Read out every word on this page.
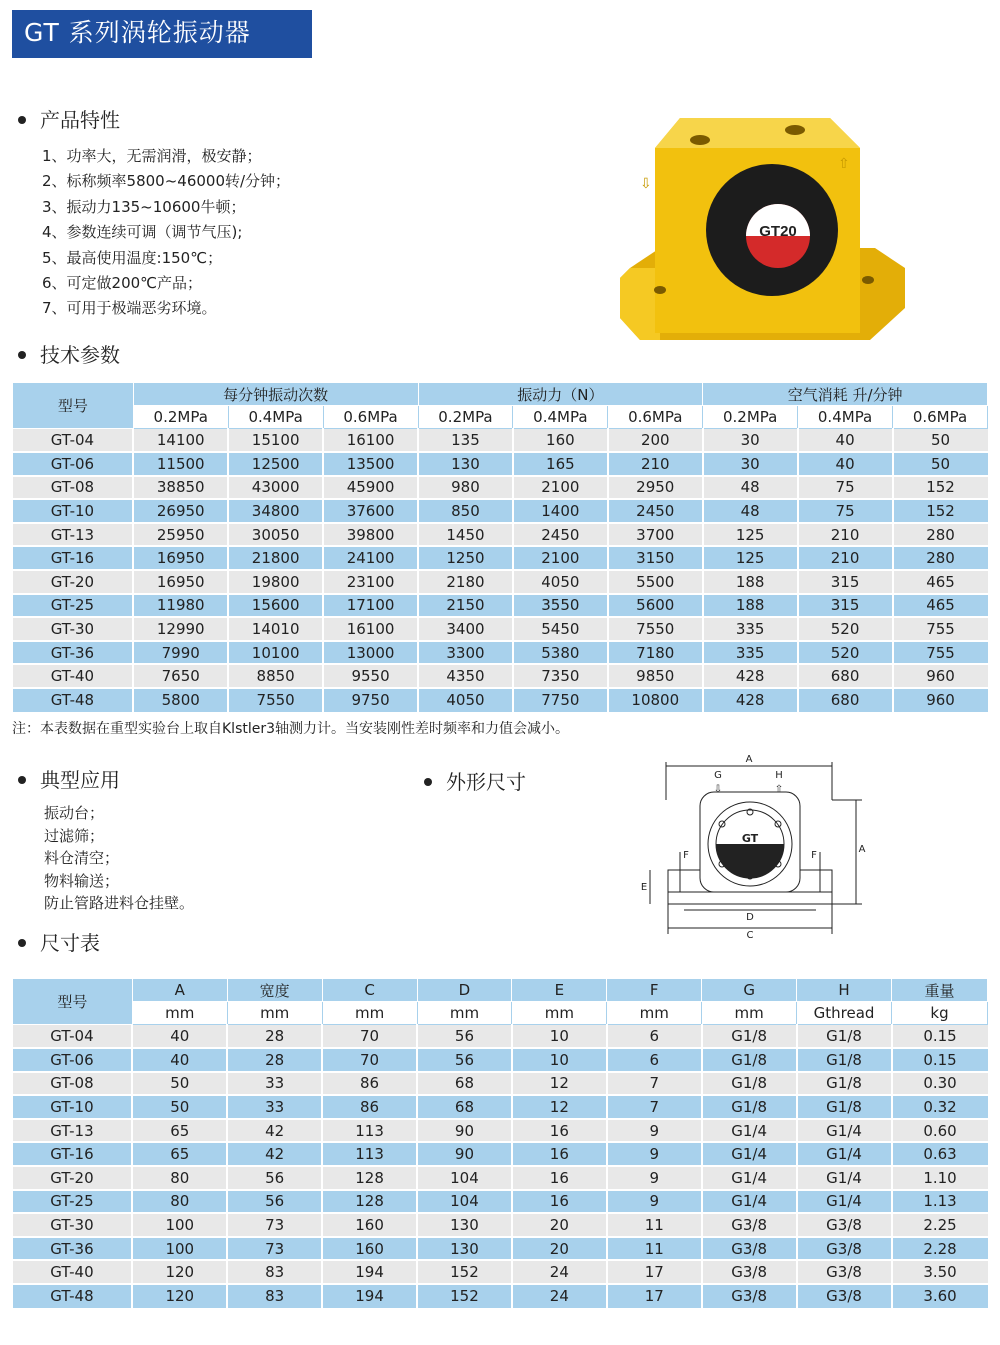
GT 系列涡轮振动器
产品特性
1、功率大，无需润滑，极安静；
2、标称频率5800~46000转/分钟；
3、振动力135~10600牛顿；
4、参数连续可调（调节气压);
5、最高使用温度:150℃；
6、可定做200℃产品；
7、可用于极端恶劣环境。
GT20
⇩
⇧
技术参数
型号	每分钟振动次数			振动力（N）			空气消耗 升/分钟		
	0.2MPa	0.4MPa	0.6MPa	0.2MPa	0.4MPa	0.6MPa	0.2MPa	0.4MPa	0.6MPa
GT-04	14100	15100	16100	135	160	200	30	40	50
GT-06	11500	12500	13500	130	165	210	30	40	50
GT-08	38850	43000	45900	980	2100	2950	48	75	152
GT-10	26950	34800	37600	850	1400	2450	48	75	152
GT-13	25950	30050	39800	1450	2450	3700	125	210	280
GT-16	16950	21800	24100	1250	2100	3150	125	210	280
GT-20	16950	19800	23100	2180	4050	5500	188	315	465
GT-25	11980	15600	17100	2150	3550	5600	188	315	465
GT-30	12990	14010	16100	3400	5450	7550	335	520	755
GT-36	7990	10100	13000	3300	5380	7180	335	520	755
GT-40	7650	8850	9550	4350	7350	9850	428	680	960
GT-48	5800	7550	9750	4050	7750	10800	428	680	960
注：本表数据在重型实验台上取自Klstler3轴测力计。当安装刚性差时频率和力值会减小。
典型应用
振动台；
过滤筛；
料仓清空；
物料输送；
防止管路进料仓挂壁。
外形尺寸
A
G	H
A
D
C
E
F	F
GT
⇩	⇧
尺寸表
型号	A	宽度	C	D	E	F	G	H	重量
	mm	mm	mm	mm	mm	mm	mm	Gthread	kg
GT-04	40	28	70	56	10	6	G1/8	G1/8	0.15
GT-06	40	28	70	56	10	6	G1/8	G1/8	0.15
GT-08	50	33	86	68	12	7	G1/8	G1/8	0.30
GT-10	50	33	86	68	12	7	G1/8	G1/8	0.32
GT-13	65	42	113	90	16	9	G1/4	G1/4	0.60
GT-16	65	42	113	90	16	9	G1/4	G1/4	0.63
GT-20	80	56	128	104	16	9	G1/4	G1/4	1.10
GT-25	80	56	128	104	16	9	G1/4	G1/4	1.13
GT-30	100	73	160	130	20	11	G3/8	G3/8	2.25
GT-36	100	73	160	130	20	11	G3/8	G3/8	2.28
GT-40	120	83	194	152	24	17	G3/8	G3/8	3.50
GT-48	120	83	194	152	24	17	G3/8	G3/8	3.60
